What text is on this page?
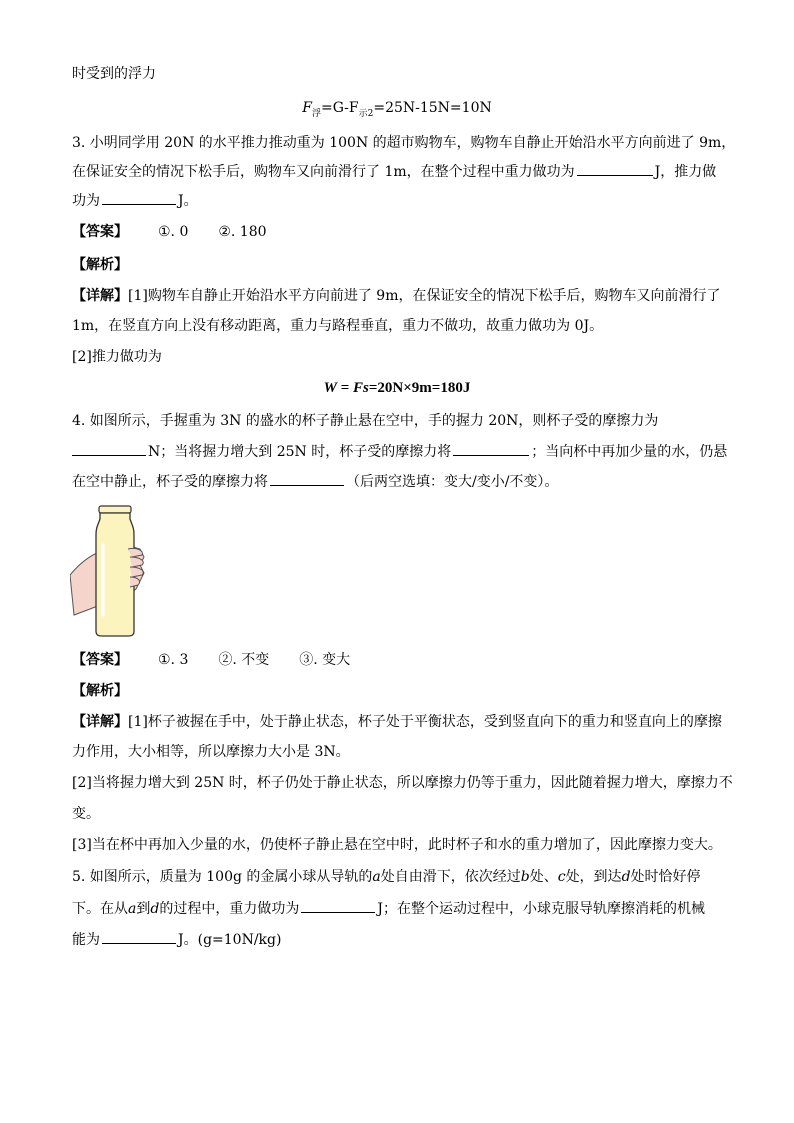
时受到的浮力
$F_浮=G-F_{示2}=25N-15N=10N$
3. 小明同学用 20N 的水平推力推动重为 100N 的超市购物车，购物车自静止开始沿水平方向前进了 9m，
在保证安全的情况下松手后，购物车又向前滑行了 1m，在整个过程中重力做功为	J，推力做
功为	J。
【答案】 ①. 0 ②. 180
【解析】
【详解】[1]购物车自静止开始沿水平方向前进了 9m，在保证安全的情况下松手后，购物车又向前滑行了
1m，在竖直方向上没有移动距离，重力与路程垂直，重力不做功，故重力做功为 0J。
[2]推力做功为
W = Fs=20N×9m=180J
4. 如图所示，手握重为 3N 的盛水的杯子静止悬在空中，手的握力 20N，则杯子受的摩擦力为
N；当将握力增大到 25N 时，杯子受的摩擦力将	；当向杯中再加少量的水，仍悬
在空中静止，杯子受的摩擦力将	（后两空选填：变大/变小/不变）。
【答案】 ①. 3 ②. 不变 ③. 变大
【解析】
【详解】[1]杯子被握在手中，处于静止状态，杯子处于平衡状态，受到竖直向下的重力和竖直向上的摩擦
力作用，大小相等，所以摩擦力大小是 3N。
[2]当将握力增大到 25N 时，杯子仍处于静止状态，所以摩擦力仍等于重力，因此随着握力增大，摩擦力不
变。
[3]当在杯中再加入少量的水，仍使杯子静止悬在空中时，此时杯子和水的重力增加了，因此摩擦力变大。
5. 如图所示，质量为 100g 的金属小球从导轨的a处自由滑下，依次经过b处、c处，到达d处时恰好停
下。在从a到d的过程中，重力做功为	J；在整个运动过程中，小球克服导轨摩擦消耗的机械
能为	J。(g=10N/kg)
